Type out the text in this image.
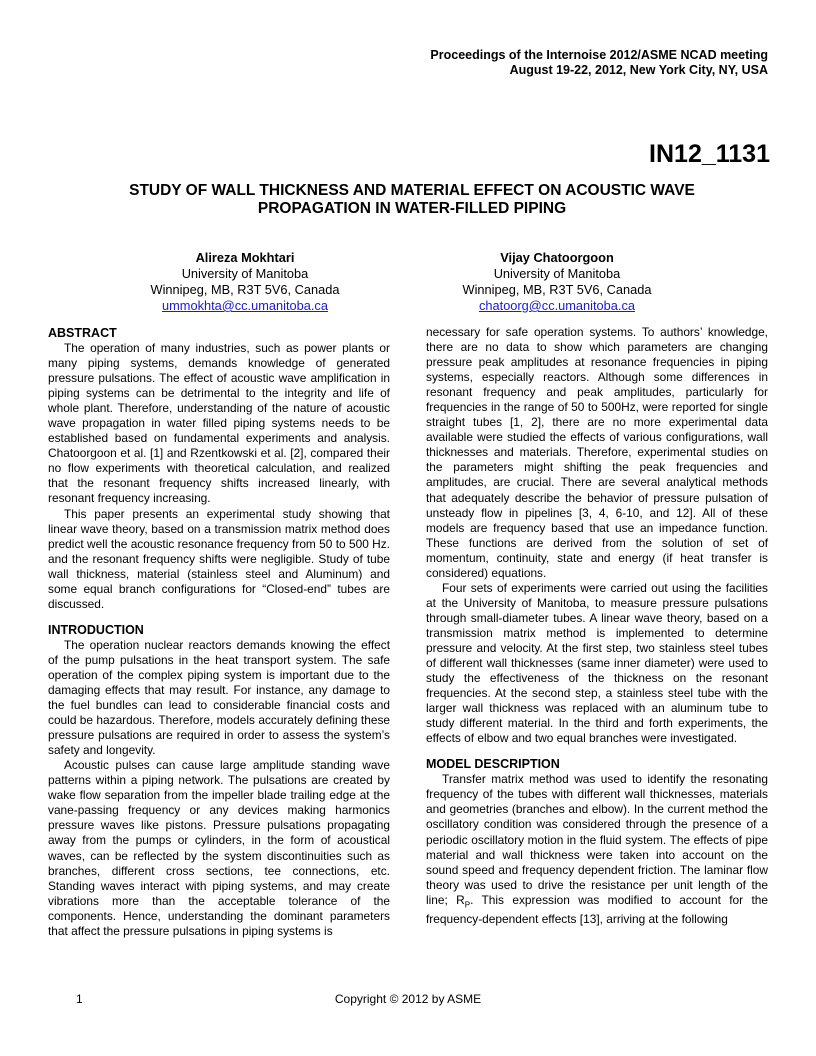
Proceedings of the Internoise 2012/ASME NCAD meeting
August 19-22, 2012, New York City, NY, USA
IN12_1131
STUDY OF WALL THICKNESS AND MATERIAL EFFECT ON ACOUSTIC WAVE
PROPAGATION IN WATER-FILLED PIPING
Alireza Mokhtari
University of Manitoba
Winnipeg, MB, R3T 5V6, Canada
ummokhta@cc.umanitoba.ca
Vijay Chatoorgoon
University of Manitoba
Winnipeg, MB, R3T 5V6, Canada
chatoorg@cc.umanitoba.ca
ABSTRACT

The operation of many industries, such as power plants or many piping systems, demands knowledge of generated pressure pulsations. The effect of acoustic wave amplification in piping systems can be detrimental to the integrity and life of whole plant. Therefore, understanding of the nature of acoustic wave propagation in water filled piping systems needs to be established based on fundamental experiments and analysis. Chatoorgoon et al. [1] and Rzentkowski et al. [2], compared their no flow experiments with theoretical calculation, and realized that the resonant frequency shifts increased linearly, with resonant frequency increasing.

This paper presents an experimental study showing that linear wave theory, based on a transmission matrix method does predict well the acoustic resonance frequency from 50 to 500 Hz. and the resonant frequency shifts were negligible. Study of tube wall thickness, material (stainless steel and Aluminum) and some equal branch configurations for “Closed-end” tubes are discussed.

INTRODUCTION

The operation nuclear reactors demands knowing the effect of the pump pulsations in the heat transport system. The safe operation of the complex piping system is important due to the damaging effects that may result. For instance, any damage to the fuel bundles can lead to considerable financial costs and could be hazardous. Therefore, models accurately defining these pressure pulsations are required in order to assess the system’s safety and longevity.

Acoustic pulses can cause large amplitude standing wave patterns within a piping network. The pulsations are created by wake flow separation from the impeller blade trailing edge at the vane-passing frequency or any devices making harmonics pressure waves like pistons. Pressure pulsations propagating away from the pumps or cylinders, in the form of acoustical waves, can be reflected by the system discontinuities such as branches, different cross sections, tee connections, etc. Standing waves interact with piping systems, and may create vibrations more than the acceptable tolerance of the components. Hence, understanding the dominant parameters that affect the pressure pulsations in piping systems is

necessary for safe operation systems. To authors’ knowledge, there are no data to show which parameters are changing pressure peak amplitudes at resonance frequencies in piping systems, especially reactors. Although some differences in resonant frequency and peak amplitudes, particularly for frequencies in the range of 50 to 500Hz, were reported for single straight tubes [1, 2], there are no more experimental data available were studied the effects of various configurations, wall thicknesses and materials. Therefore, experimental studies on the parameters might shifting the peak frequencies and amplitudes, are crucial. There are several analytical methods that adequately describe the behavior of pressure pulsation of unsteady flow in pipelines [3, 4, 6-10, and 12]. All of these models are frequency based that use an impedance function. These functions are derived from the solution of set of momentum, continuity, state and energy (if heat transfer is considered) equations.

Four sets of experiments were carried out using the facilities at the University of Manitoba, to measure pressure pulsations through small-diameter tubes. A linear wave theory, based on a transmission matrix method is implemented to determine pressure and velocity. At the first step, two stainless steel tubes of different wall thicknesses (same inner diameter) were used to study the effectiveness of the thickness on the resonant frequencies. At the second step, a stainless steel tube with the larger wall thickness was replaced with an aluminum tube to study different material. In the third and forth experiments, the effects of elbow and two equal branches were investigated.

MODEL DESCRIPTION

Transfer matrix method was used to identify the resonating frequency of the tubes with different wall thicknesses, materials and geometries (branches and elbow). In the current method the oscillatory condition was considered through the presence of a periodic oscillatory motion in the fluid system. The effects of pipe material and wall thickness were taken into account on the sound speed and frequency dependent friction. The laminar flow theory was used to drive the resistance per unit length of the line; $R_P$. This expression was modified to account for the frequency-dependent effects [13], arriving at the following

1	Copyright © 2012 by ASME
